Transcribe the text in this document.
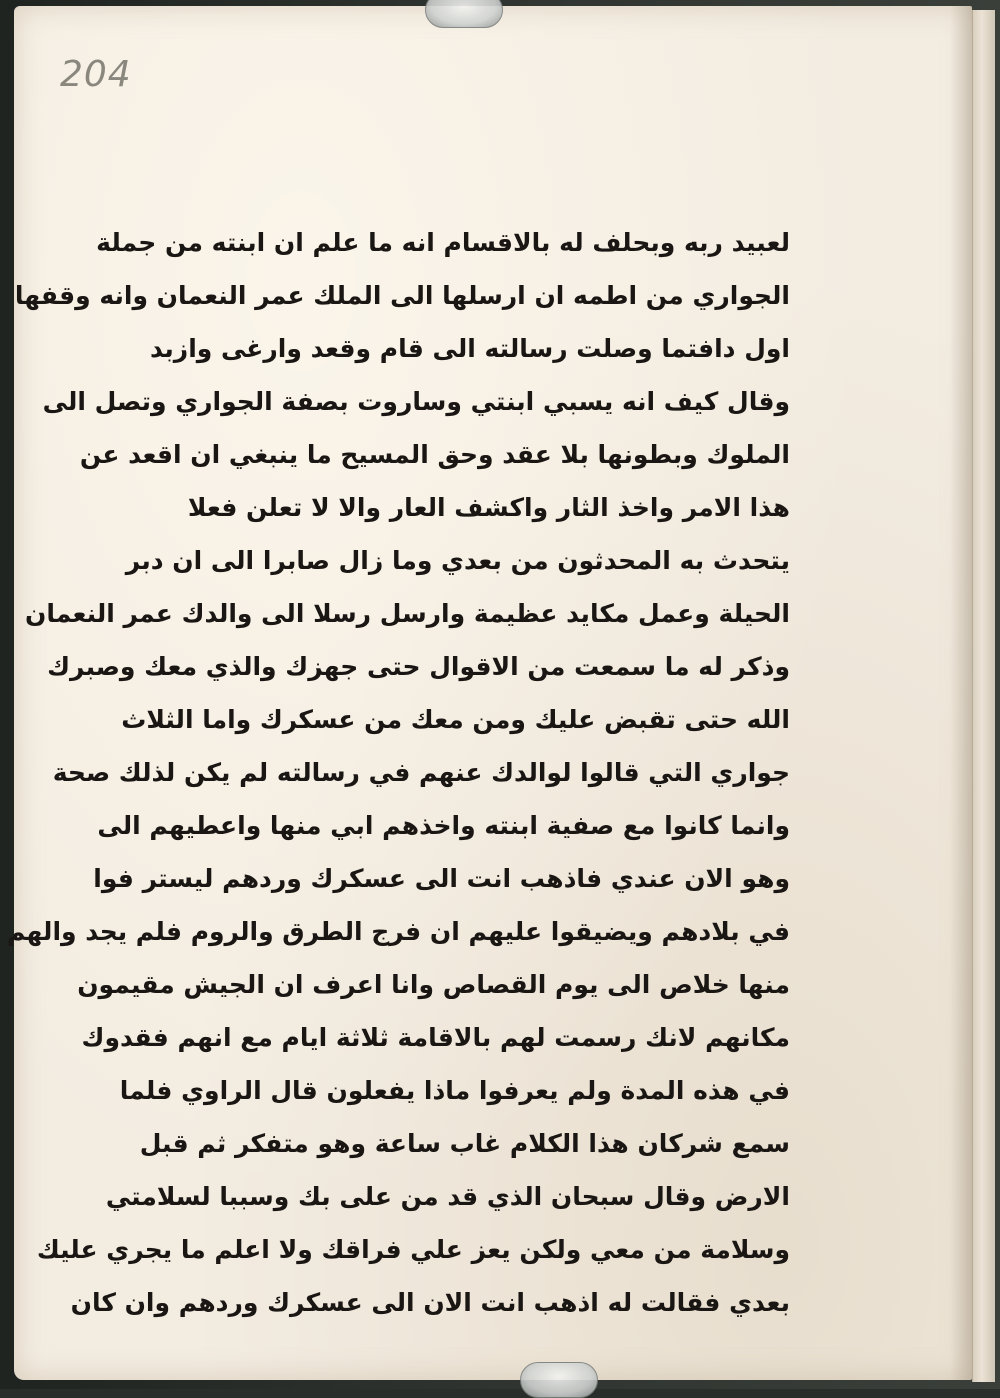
204
لعبيد ربه وبحلف له بالاقسام انه ما علم ان ابنته من جملة
الجواري من اطمه ان ارسلها الى الملك عمر النعمان وانه وقفها
اول دافتما وصلت رسالته الى قام وقعد وارغى وازبد
وقال كيف انه يسبي ابنتي وساروت بصفة الجواري وتصل الى
الملوك وبطونها بلا عقد وحق المسيح ما ينبغي ان اقعد عن
هذا الامر واخذ الثار واكشف العار والا لا تعلن فعلا
يتحدث به المحدثون من بعدي وما زال صابرا الى ان دبر
الحيلة وعمل مكايد عظيمة وارسل رسلا الى والدك عمر النعمان
وذكر له ما سمعت من الاقوال حتى جهزك والذي معك وصبرك
الله حتى تقبض عليك ومن معك من عسكرك واما الثلاث
جواري التي قالوا لوالدك عنهم في رسالته لم يكن لذلك صحة
وانما كانوا مع صفية ابنته واخذهم ابي منها واعطيهم الى
وهو الان عندي فاذهب انت الى عسكرك وردهم ليستر فوا
في بلادهم ويضيقوا عليهم ان فرج الطرق والروم فلم يجد والهم
منها خلاص الى يوم القصاص وانا اعرف ان الجيش مقيمون
مكانهم لانك رسمت لهم بالاقامة ثلاثة ايام مع انهم فقدوك
في هذه المدة ولم يعرفوا ماذا يفعلون قال الراوي فلما
سمع شركان هذا الكلام غاب ساعة وهو متفكر ثم قبل
الارض وقال سبحان الذي قد من على بك وسببا لسلامتي
وسلامة من معي ولكن يعز علي فراقك ولا اعلم ما يجري عليك
بعدي فقالت له اذهب انت الان الى عسكرك وردهم وان كان
